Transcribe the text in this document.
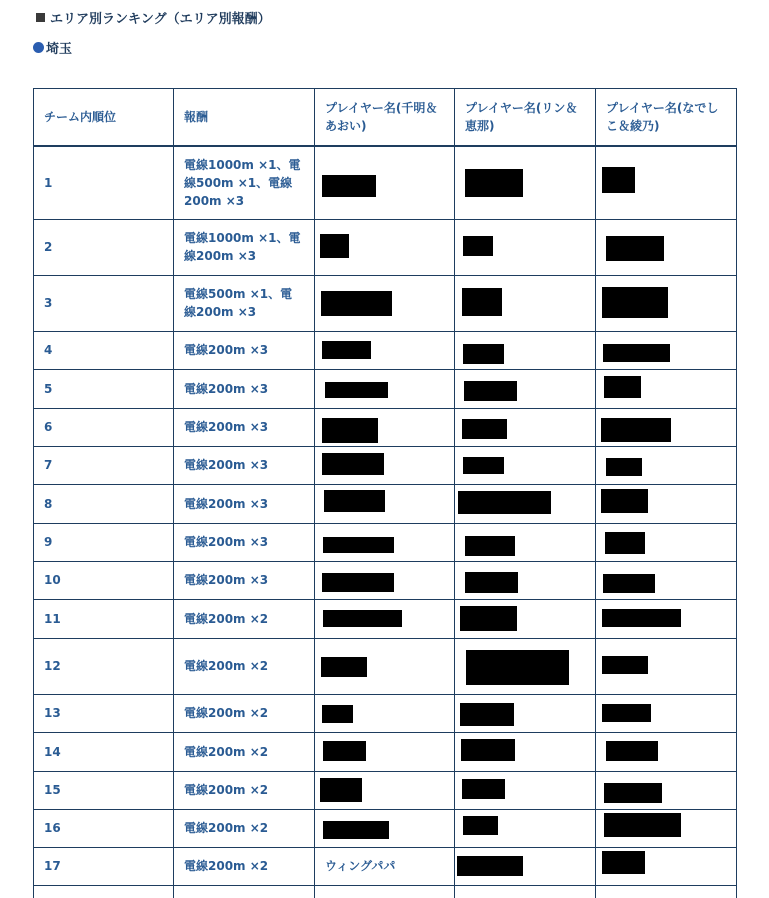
エリア別ランキング（エリア別報酬）
埼玉
チーム内順位	報酬	プレイヤー名(千明＆あおい)	プレイヤー名(リン＆恵那)	プレイヤー名(なでしこ＆綾乃)
1	電線1000m ×1、電線500m ×1、電線200m ×3	

2	電線1000m ×1、電線200m ×3	

3	電線500m ×1、電線200m ×3	

4	電線200m ×3	

5	電線200m ×3	

6	電線200m ×3	

7	電線200m ×3	

8	電線200m ×3	

9	電線200m ×3	

10	電線200m ×3	

11	電線200m ×2	

12	電線200m ×2	

13	電線200m ×2	

14	電線200m ×2	

15	電線200m ×2	

16	電線200m ×2	

17	電線200m ×2	ウィングパパ		
